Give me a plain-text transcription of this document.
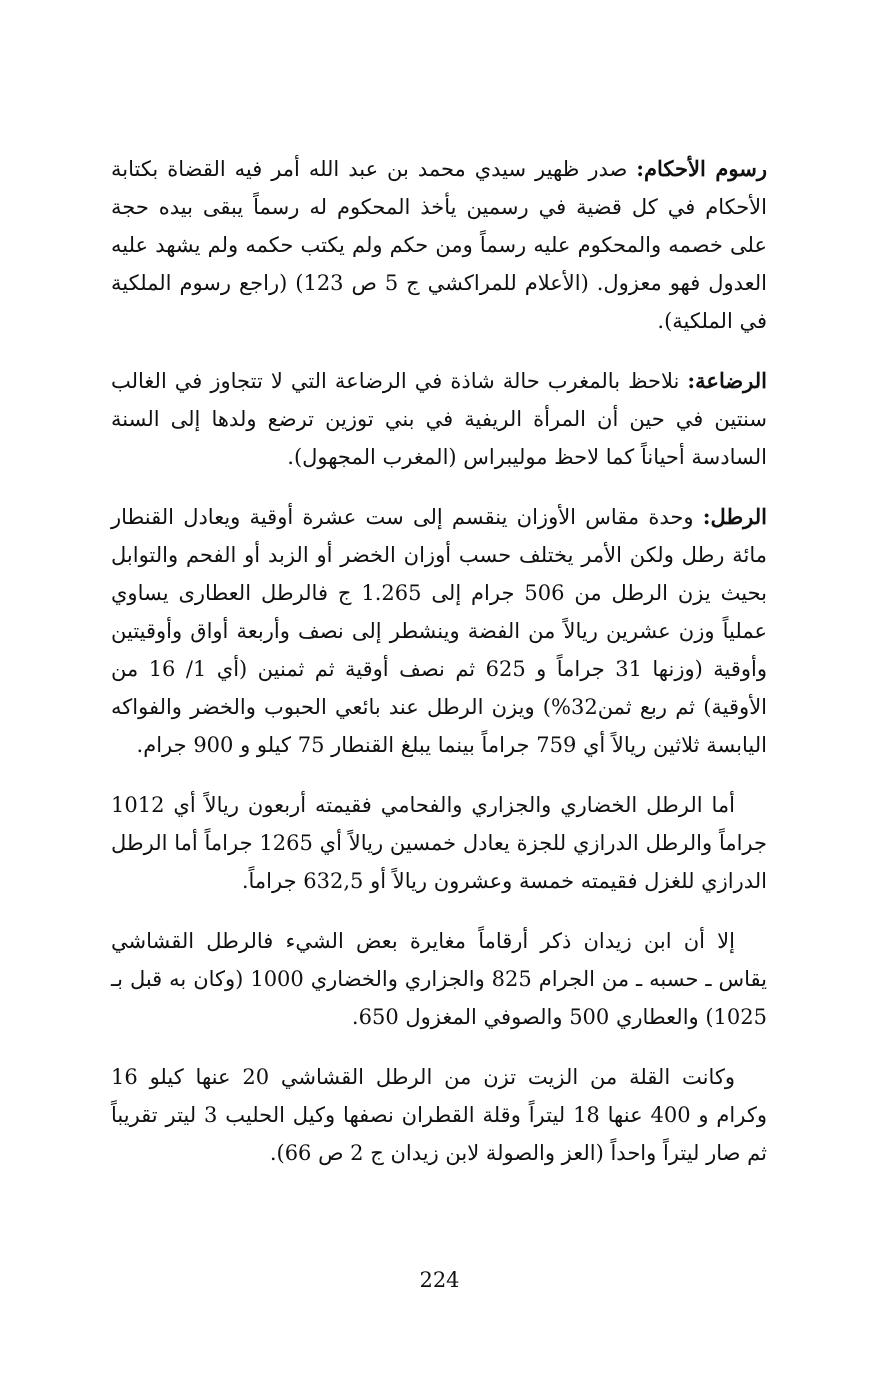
رسوم الأحكام: صدر ظهير سيدي محمد بن عبد الله أمر فيه القضاة بكتابة الأحكام في كل قضية في رسمين يأخذ المحكوم له رسماً يبقى بيده حجة على خصمه والمحكوم عليه رسماً ومن حكم ولم يكتب حكمه ولم يشهد عليه العدول فهو معزول. (الأعلام للمراكشي ج 5 ص 123) (راجع رسوم الملكية في الملكية).

الرضاعة: نلاحظ بالمغرب حالة شاذة في الرضاعة التي لا تتجاوز في الغالب سنتين في حين أن المرأة الريفية في بني توزين ترضع ولدها إلى السنة السادسة أحياناً كما لاحظ موليبراس (المغرب المجهول).

الرطل: وحدة مقاس الأوزان ينقسم إلى ست عشرة أوقية ويعادل القنطار مائة رطل ولكن الأمر يختلف حسب أوزان الخضر أو الزبد أو الفحم والتوابل بحيث يزن الرطل من 506 جرام إلى 1.265 ج فالرطل العطارى يساوي عملياً وزن عشرين ريالاً من الفضة وينشطر إلى نصف وأربعة أواق وأوقيتين وأوقية (وزنها 31 جراماً و 625 ثم نصف أوقية ثم ثمنين (أي 1/ 16 من الأوقية) ثم ربع ثمن32%) ويزن الرطل عند بائعي الحبوب والخضر والفواكه اليابسة ثلاثين ريالاً أي 759 جراماً بينما يبلغ القنطار 75 كيلو و 900 جرام.

أما الرطل الخضاري والجزاري والفحامي فقيمته أربعون ريالاً أي 1012 جراماً والرطل الدرازي للجزة يعادل خمسين ريالاً أي 1265 جراماً أما الرطل الدرازي للغزل فقيمته خمسة وعشرون ريالاً أو 632,5 جراماً.

إلا أن ابن زيدان ذكر أرقاماً مغايرة بعض الشيء فالرطل القشاشي يقاس ـ حسبه ـ من الجرام 825 والجزاري والخضاري 1000 (وكان به قبل بـ 1025) والعطاري 500 والصوفي المغزول 650.

وكانت القلة من الزيت تزن من الرطل القشاشي 20 عنها كيلو 16 وكرام و 400 عنها 18 ليتراً وقلة القطران نصفها وكيل الحليب 3 ليتر تقريباً ثم صار ليتراً واحداً (العز والصولة لابن زيدان ج 2 ص 66).

224
